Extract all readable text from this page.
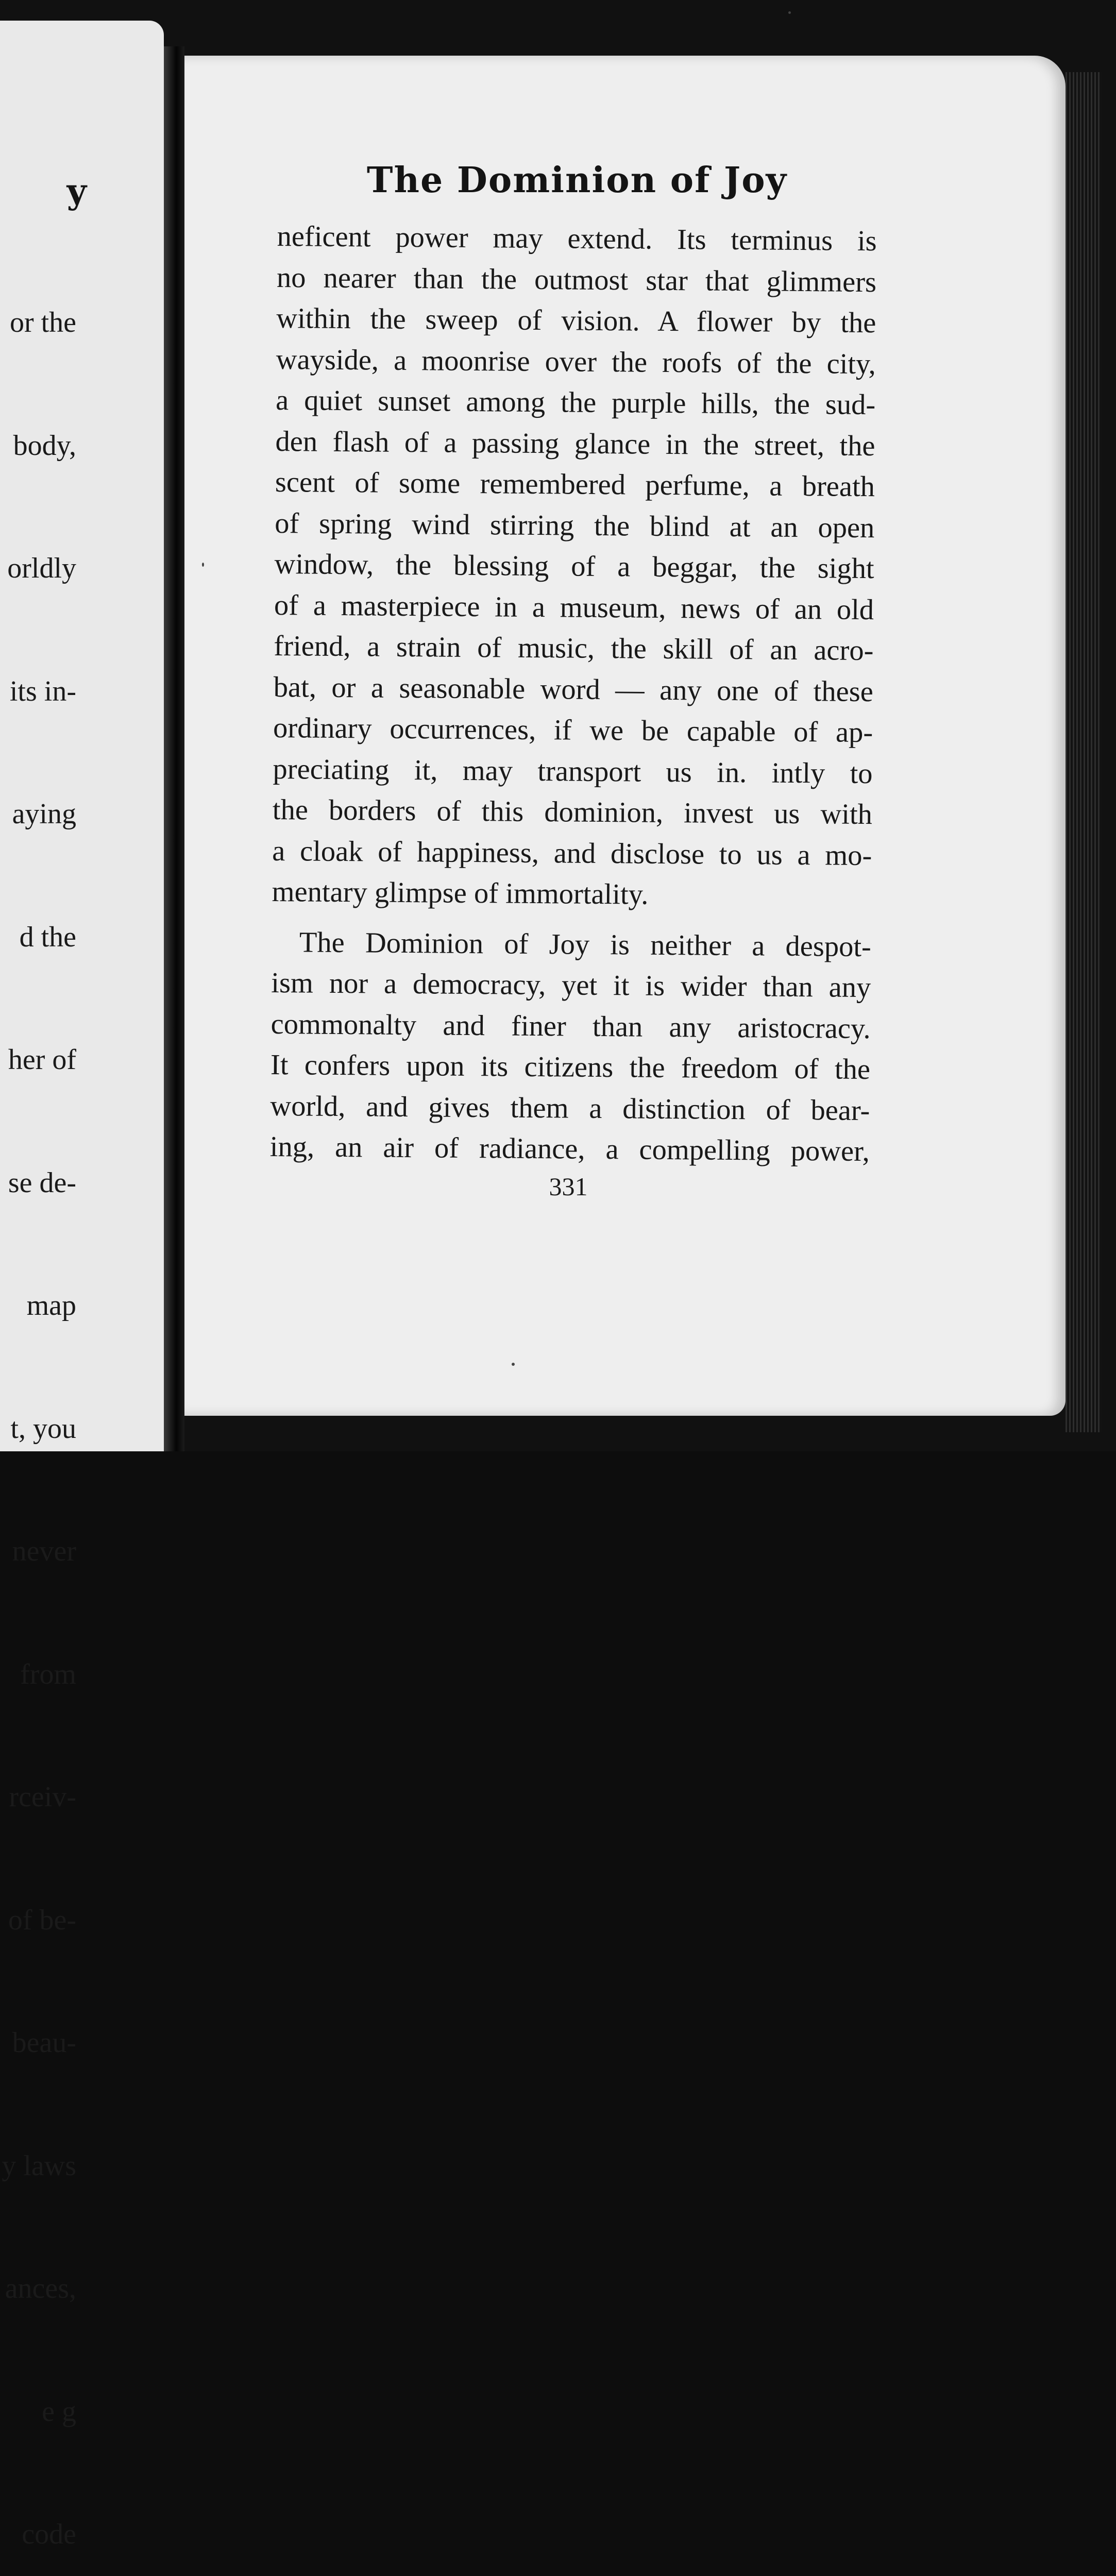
y

or the

body,

orldly

its in-

aying

d the

her of

se de-

map

t, you

never

from

rceiv-

of be-

beau-

y laws

ances,

e g

code

The Dominion of Joy
neficent power may extend. Its terminus is
no nearer than the outmost star that glimmers
within the sweep of vision. A flower by the
wayside, a moonrise over the roofs of the city,
a quiet sunset among the purple hills, the sud-
den flash of a passing glance in the street, the
scent of some remembered perfume, a breath
of spring wind stirring the blind at an open
window, the blessing of a beggar, the sight
of a masterpiece in a museum, news of an old
friend, a strain of music, the skill of an acro-
bat, or a seasonable word — any one of these
ordinary occurrences, if we be capable of ap-
preciating it, may transport us in. intly to
the borders of this dominion, invest us with
a cloak of happiness, and disclose to us a mo-
mentary glimpse of immortality.
The Dominion of Joy is neither a despot-
ism nor a democracy, yet it is wider than any
commonalty and finer than any aristocracy.
It confers upon its citizens the freedom of the
world, and gives them a distinction of bear-
ing, an air of radiance, a compelling power,
331
